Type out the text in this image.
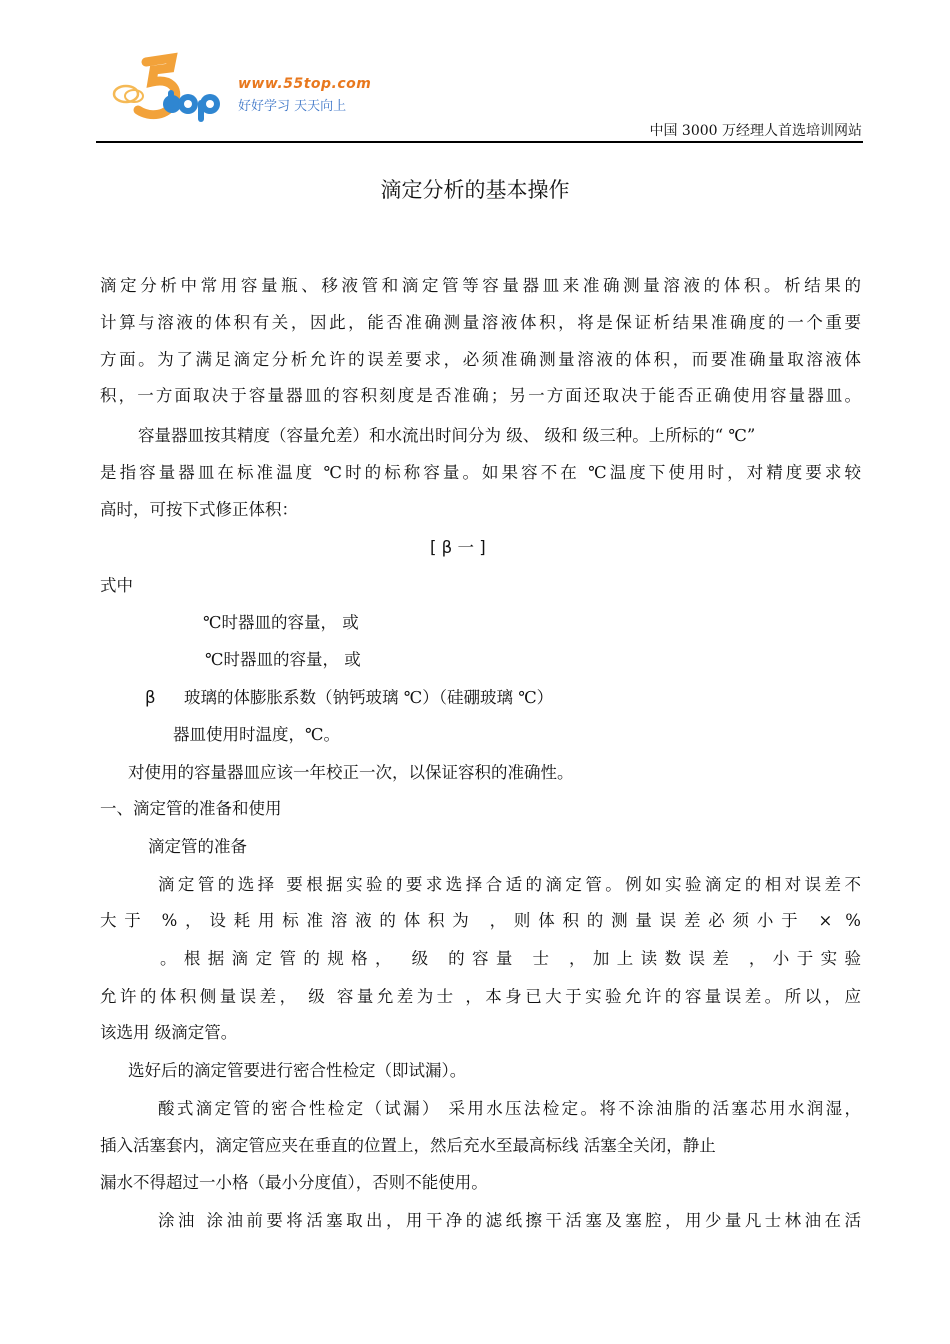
www.55top.com
好好学习 天天向上
中国 3000 万经理人首选培训网站
滴定分析的基本操作
滴定分析中常用容量瓶、移液管和滴定管等容量器皿来准确测量溶液的体积。析结果的
计算与溶液的体积有关，因此，能否准确测量溶液体积，将是保证析结果准确度的一个重要
方面。为了满足滴定分析允许的误差要求，必须准确测量溶液的体积，而要准确量取溶液体
积，一方面取决于容量器皿的容积刻度是否准确；另一方面还取决于能否正确使用容量器皿。
容量器皿按其精度（容量允差）和水流出时间分为 级、 级和 级三种。上所标的“ ℃”
是指容量器皿在标准温度 ℃时的标称容量。如果容不在 ℃温度下使用时，对精度要求较
高时，可按下式修正体积：
[ β 一 ]
式中
℃时器皿的容量， 或
℃时器皿的容量， 或
β 玻璃的体膨胀系数（钠钙玻璃 ℃）（硅硼玻璃 ℃）
器皿使用时温度，℃。
对使用的容量器皿应该一年校正一次，以保证容积的准确性。
一、滴定管的准备和使用
滴定管的准备
滴定管的选择 要根据实验的要求选择合适的滴定管。例如实验滴定的相对误差不
大于 %，设耗用标准溶液的体积为 ，则体积的测量误差必须小于 × %
。根据滴定管的规格， 级 的容量 士 ，加上读数误差 ，小于实验
允许的体积侧量误差， 级 容量允差为士 ，本身已大于实验允许的容量误差。所以，应
该选用 级滴定管。
选好后的滴定管要进行密合性检定（即试漏）。
酸式滴定管的密合性检定（试漏） 采用水压法检定。将不涂油脂的活塞芯用水润湿，
插入活塞套内，滴定管应夹在垂直的位置上，然后充水至最高标线 活塞全关闭，静止
漏水不得超过一小格（最小分度值），否则不能使用。
涂油 涂油前要将活塞取出，用干净的滤纸擦干活塞及塞腔，用少量凡士林油在活
